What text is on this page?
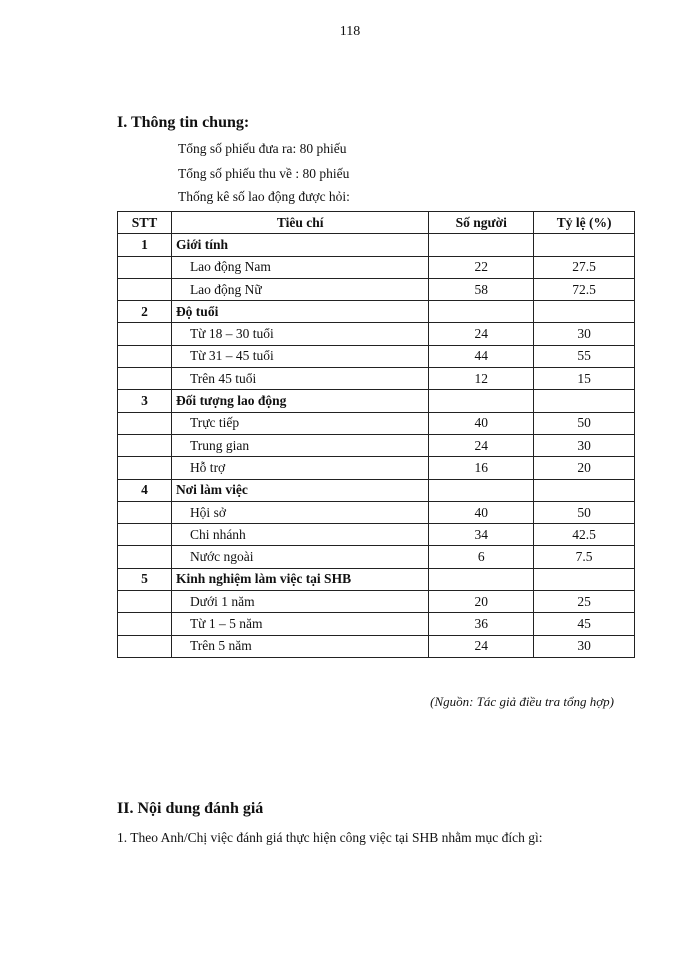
118
I. Thông tin chung:
Tổng số phiếu đưa ra: 80 phiếu
Tổng số phiếu thu về : 80 phiếu
Thống kê số lao động được hỏi:
STT	Tiêu chí	Số người	Tỷ lệ (%)
1	Giới tính		
	Lao động Nam	22	27.5
	Lao động Nữ	58	72.5
2	Độ tuổi		
	Từ 18 – 30 tuổi	24	30
	Từ 31 – 45 tuổi	44	55
	Trên 45 tuổi	12	15
3	Đối tượng lao động		
	Trực tiếp	40	50
	Trung gian	24	30
	Hỗ trợ	16	20
4	Nơi làm việc		
	Hội sở	40	50
	Chi nhánh	34	42.5
	Nước ngoài	6	7.5
5	Kinh nghiệm làm việc tại SHB		
	Dưới 1 năm	20	25
	Từ 1 – 5 năm	36	45
	Trên 5 năm	24	30
(Nguồn: Tác giả điều tra tổng hợp)
II. Nội dung đánh giá
1. Theo Anh/Chị việc đánh giá thực hiện công việc tại SHB nhằm mục đích gì:
